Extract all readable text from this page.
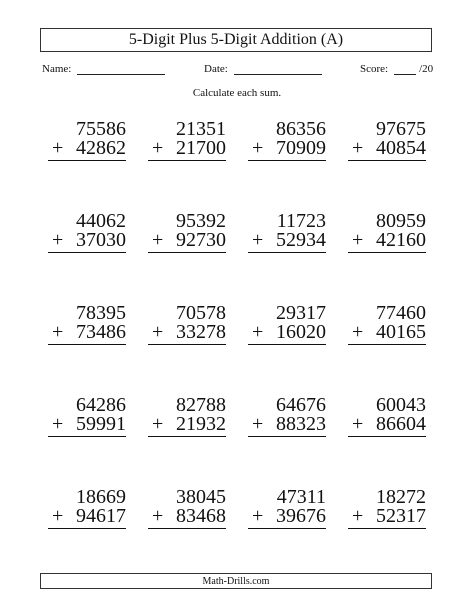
5-Digit Plus 5-Digit Addition (A)
Name:	Date:	Score:	/20
Calculate each sum.
75586
+ 42862
21351
+ 21700
86356
+ 70909
97675
+ 40854
44062
+ 37030
95392
+ 92730
11723
+ 52934
80959
+ 42160
78395
+ 73486
70578
+ 33278
29317
+ 16020
77460
+ 40165
64286
+ 59991
82788
+ 21932
64676
+ 88323
60043
+ 86604
18669
+ 94617
38045
+ 83468
47311
+ 39676
18272
+ 52317
Math-Drills.com
